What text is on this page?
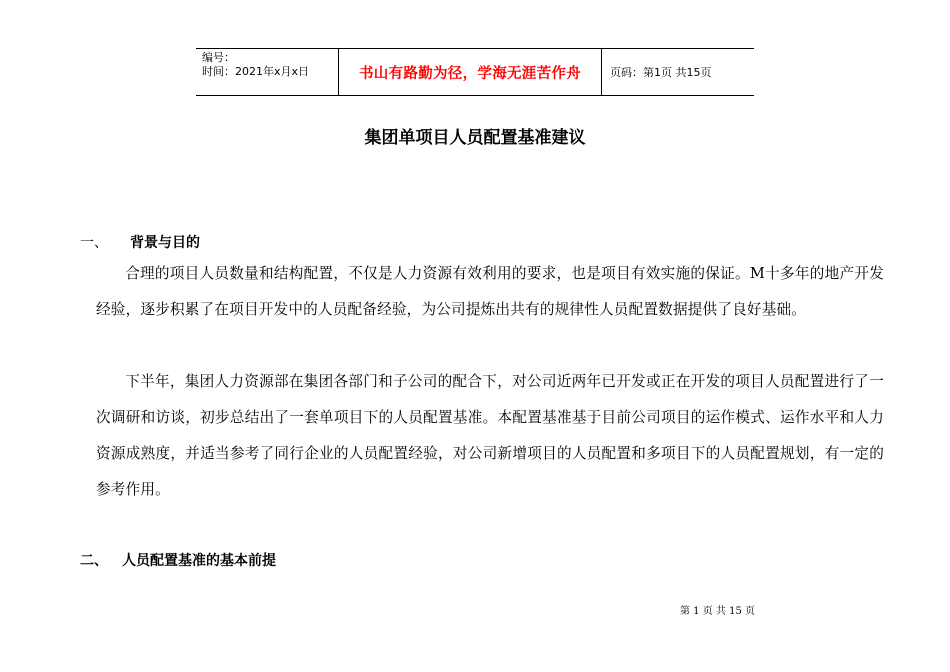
编号：
时间：2021年x月x日	书山有路勤为径，学海无涯苦作舟	页码：第1页 共15页
集团单项目人员配置基准建议
一、 背景与目的

合理的项目人员数量和结构配置，不仅是人力资源有效利用的要求，也是项目有效实施的保证。M十多年的地产开发经验，逐步积累了在项目开发中的人员配备经验，为公司提炼出共有的规律性人员配置数据提供了良好基础。

下半年，集团人力资源部在集团各部门和子公司的配合下，对公司近两年已开发或正在开发的项目人员配置进行了一次调研和访谈，初步总结出了一套单项目下的人员配置基准。本配置基准基于目前公司项目的运作模式、运作水平和人力资源成熟度，并适当参考了同行企业的人员配置经验，对公司新增项目的人员配置和多项目下的人员配置规划，有一定的参考作用。

二、 人员配置基准的基本前提
第 1 页 共 15 页
